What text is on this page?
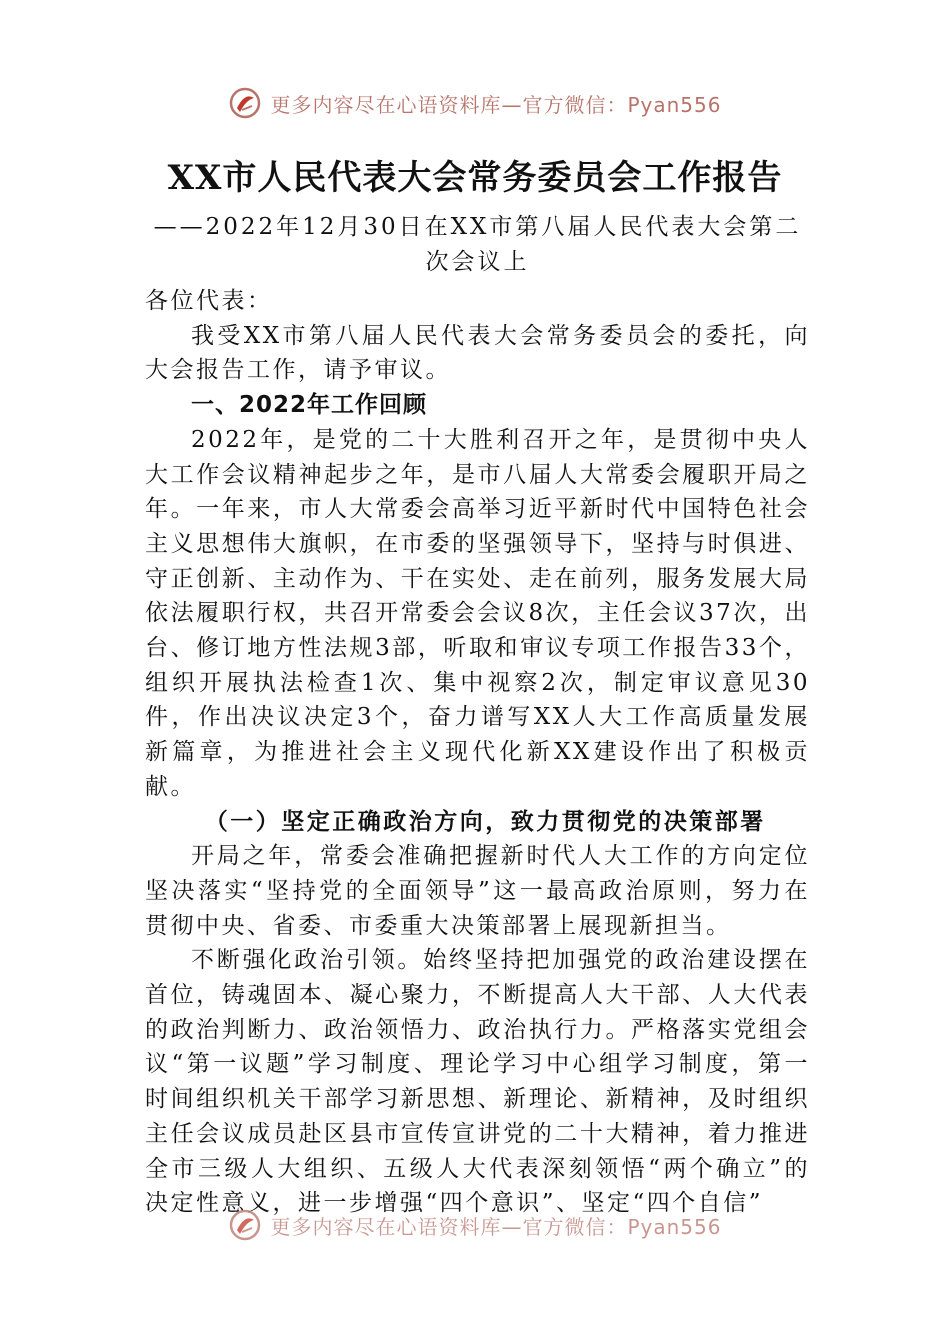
更多内容尽在心语资料库—官方微信：Pyan556
XX市人民代表大会常务委员会工作报告
——2022年12月30日在XX市第八届人民代表大会第二次会议上

各位代表：

我受XX市第八届人民代表大会常务委员会的委托，向大会报告工作，请予审议。

一、2022年工作回顾

2022年，是党的二十大胜利召开之年，是贯彻中央人大工作会议精神起步之年，是市八届人大常委会履职开局之年。一年来，市人大常委会高举习近平新时代中国特色社会主义思想伟大旗帜，在市委的坚强领导下，坚持与时俱进、守正创新、主动作为、干在实处、走在前列，服务发展大局依法履职行权，共召开常委会会议8次，主任会议37次，出台、修订地方性法规3部，听取和审议专项工作报告33个，组织开展执法检查1次、集中视察2次，制定审议意见30件，作出决议决定3个，奋力谱写XX人大工作高质量发展新篇章，为推进社会主义现代化新XX建设作出了积极贡献。

（一）坚定正确政治方向，致力贯彻党的决策部署

开局之年，常委会准确把握新时代人大工作的方向定位坚决落实“坚持党的全面领导”这一最高政治原则，努力在贯彻中央、省委、市委重大决策部署上展现新担当。

不断强化政治引领。始终坚持把加强党的政治建设摆在首位，铸魂固本、凝心聚力，不断提高人大干部、人大代表的政治判断力、政治领悟力、政治执行力。严格落实党组会议“第一议题”学习制度、理论学习中心组学习制度，第一时间组织机关干部学习新思想、新理论、新精神，及时组织主任会议成员赴区县市宣传宣讲党的二十大精神，着力推进全市三级人大组织、五级人大代表深刻领悟“两个确立”的决定性意义，进一步增强“四个意识”、坚定“四个自信”

更多内容尽在心语资料库—官方微信：Pyan556
